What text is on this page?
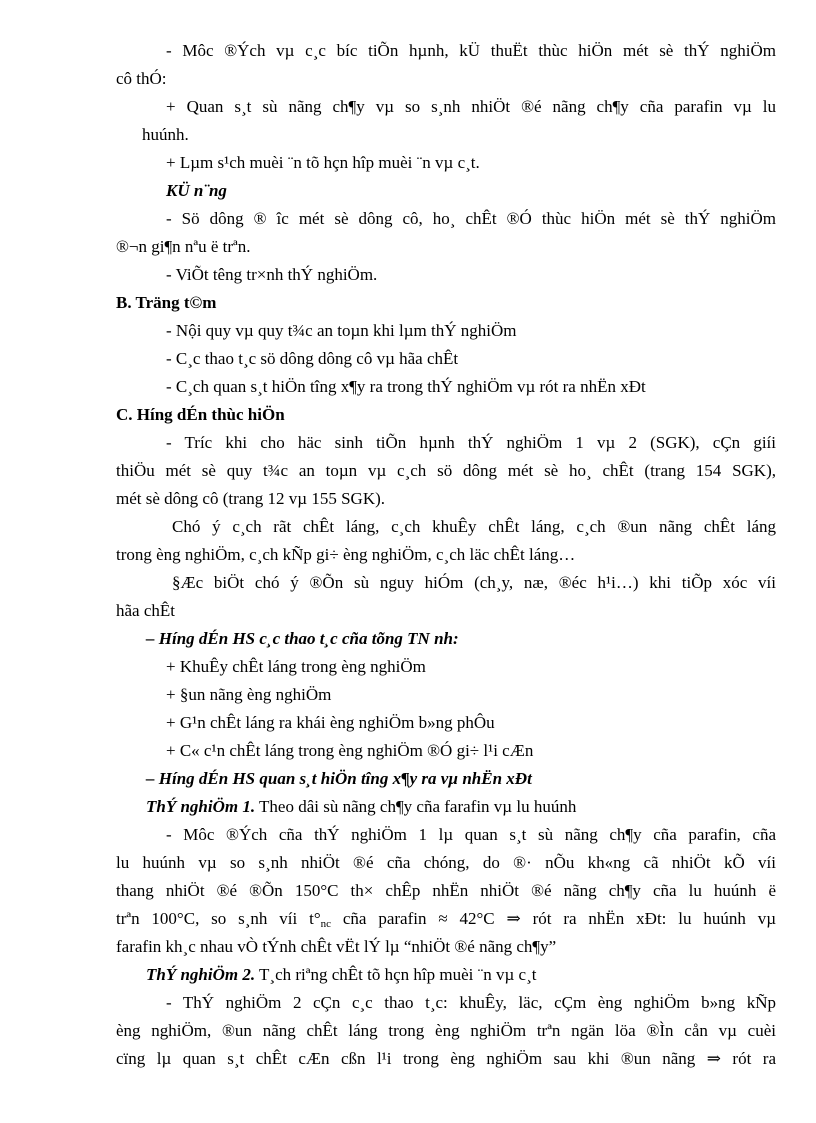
- Môc ®Ých vµ c¸c bíc tiÕn hµnh, kÜ thuËt thùc hiÖn mét sè thÝ nghiÖm
cô thÓ:
+ Quan s¸t sù nãng ch¶y vµ so s¸nh nhiÖt ®é nãng ch¶y cña parafin vµ lu
huúnh.
+ Lµm s¹ch muèi ¨n tõ hçn hîp muèi ¨n vµ c¸t.
KÜ n¨ng
- Sö dông ® îc mét sè dông cô, ho¸ chÊt ®Ó thùc hiÖn mét sè thÝ nghiÖm
®¬n gi¶n nªu ë trªn.
- ViÕt têng tr×nh thÝ nghiÖm.
B. Träng t©m
- Nội quy vµ quy t¾c an toµn khi lµm thÝ nghiÖm
- C¸c thao t¸c sö dông dông cô vµ hãa chÊt
- C¸ch quan s¸t hiÖn tîng x¶y ra trong thÝ nghiÖm vµ rót ra nhËn xÐt
C. Híng dÉn thùc hiÖn
- Tríc khi cho häc sinh tiÕn hµnh thÝ nghiÖm 1 vµ 2 (SGK), cÇn giíi
thiÖu mét sè quy t¾c an toµn vµ c¸ch sö dông mét sè ho¸ chÊt (trang 154 SGK),
mét sè dông cô (trang 12 vµ 155 SGK).
Chó ý c¸ch rãt chÊt láng, c¸ch khuÊy chÊt láng, c¸ch ®un nãng chÊt láng
trong èng nghiÖm, c¸ch kÑp gi÷ èng nghiÖm, c¸ch läc chÊt láng…
§Æc biÖt chó ý ®Õn sù nguy hiÓm (ch¸y, næ, ®éc h¹i…) khi tiÕp xóc víi
hãa chÊt
– Híng dÉn HS c¸c thao t¸c cña tõng TN nh:
+ KhuÊy chÊt láng trong èng nghiÖm
+ §un nãng èng nghiÖm
+ G¹n chÊt láng ra khái èng nghiÖm b»ng phÔu
+ C« c¹n chÊt láng trong èng nghiÖm ®Ó gi÷ l¹i cÆn
– Híng dÉn HS quan s¸t hiÖn tîng x¶y ra vµ nhËn xÐt
ThÝ nghiÖm 1. Theo dâi sù nãng ch¶y cña farafin vµ lu huúnh
- Môc ®Ých cña thÝ nghiÖm 1 lµ quan s¸t sù nãng ch¶y cña parafin, cña
lu huúnh vµ so s¸nh nhiÖt ®é cña chóng, do ®· nÕu kh«ng cã nhiÖt kÕ víi
thang nhiÖt ®é ®Õn 150°C th× chÊp nhËn nhiÖt ®é nãng ch¶y cña lu huúnh ë
trªn 100°C, so s¸nh víi $t^\circ_{nc}$ cña parafin ≈ 42°C ⇒ rót ra nhËn xÐt: lu huúnh vµ
farafin kh¸c nhau vÒ tÝnh chÊt vËt lÝ lµ “nhiÖt ®é nãng ch¶y”
ThÝ nghiÖm 2. T¸ch riªng chÊt tõ hçn hîp muèi ¨n vµ c¸t
- ThÝ nghiÖm 2 cÇn c¸c thao t¸c: khuÊy, läc, cÇm èng nghiÖm b»ng kÑp
èng nghiÖm, ®un nãng chÊt láng trong èng nghiÖm trªn ngän löa ®Ìn cån vµ cuèi
cïng lµ quan s¸t chÊt cÆn cßn l¹i trong èng nghiÖm sau khi ®un nãng ⇒ rót ra
